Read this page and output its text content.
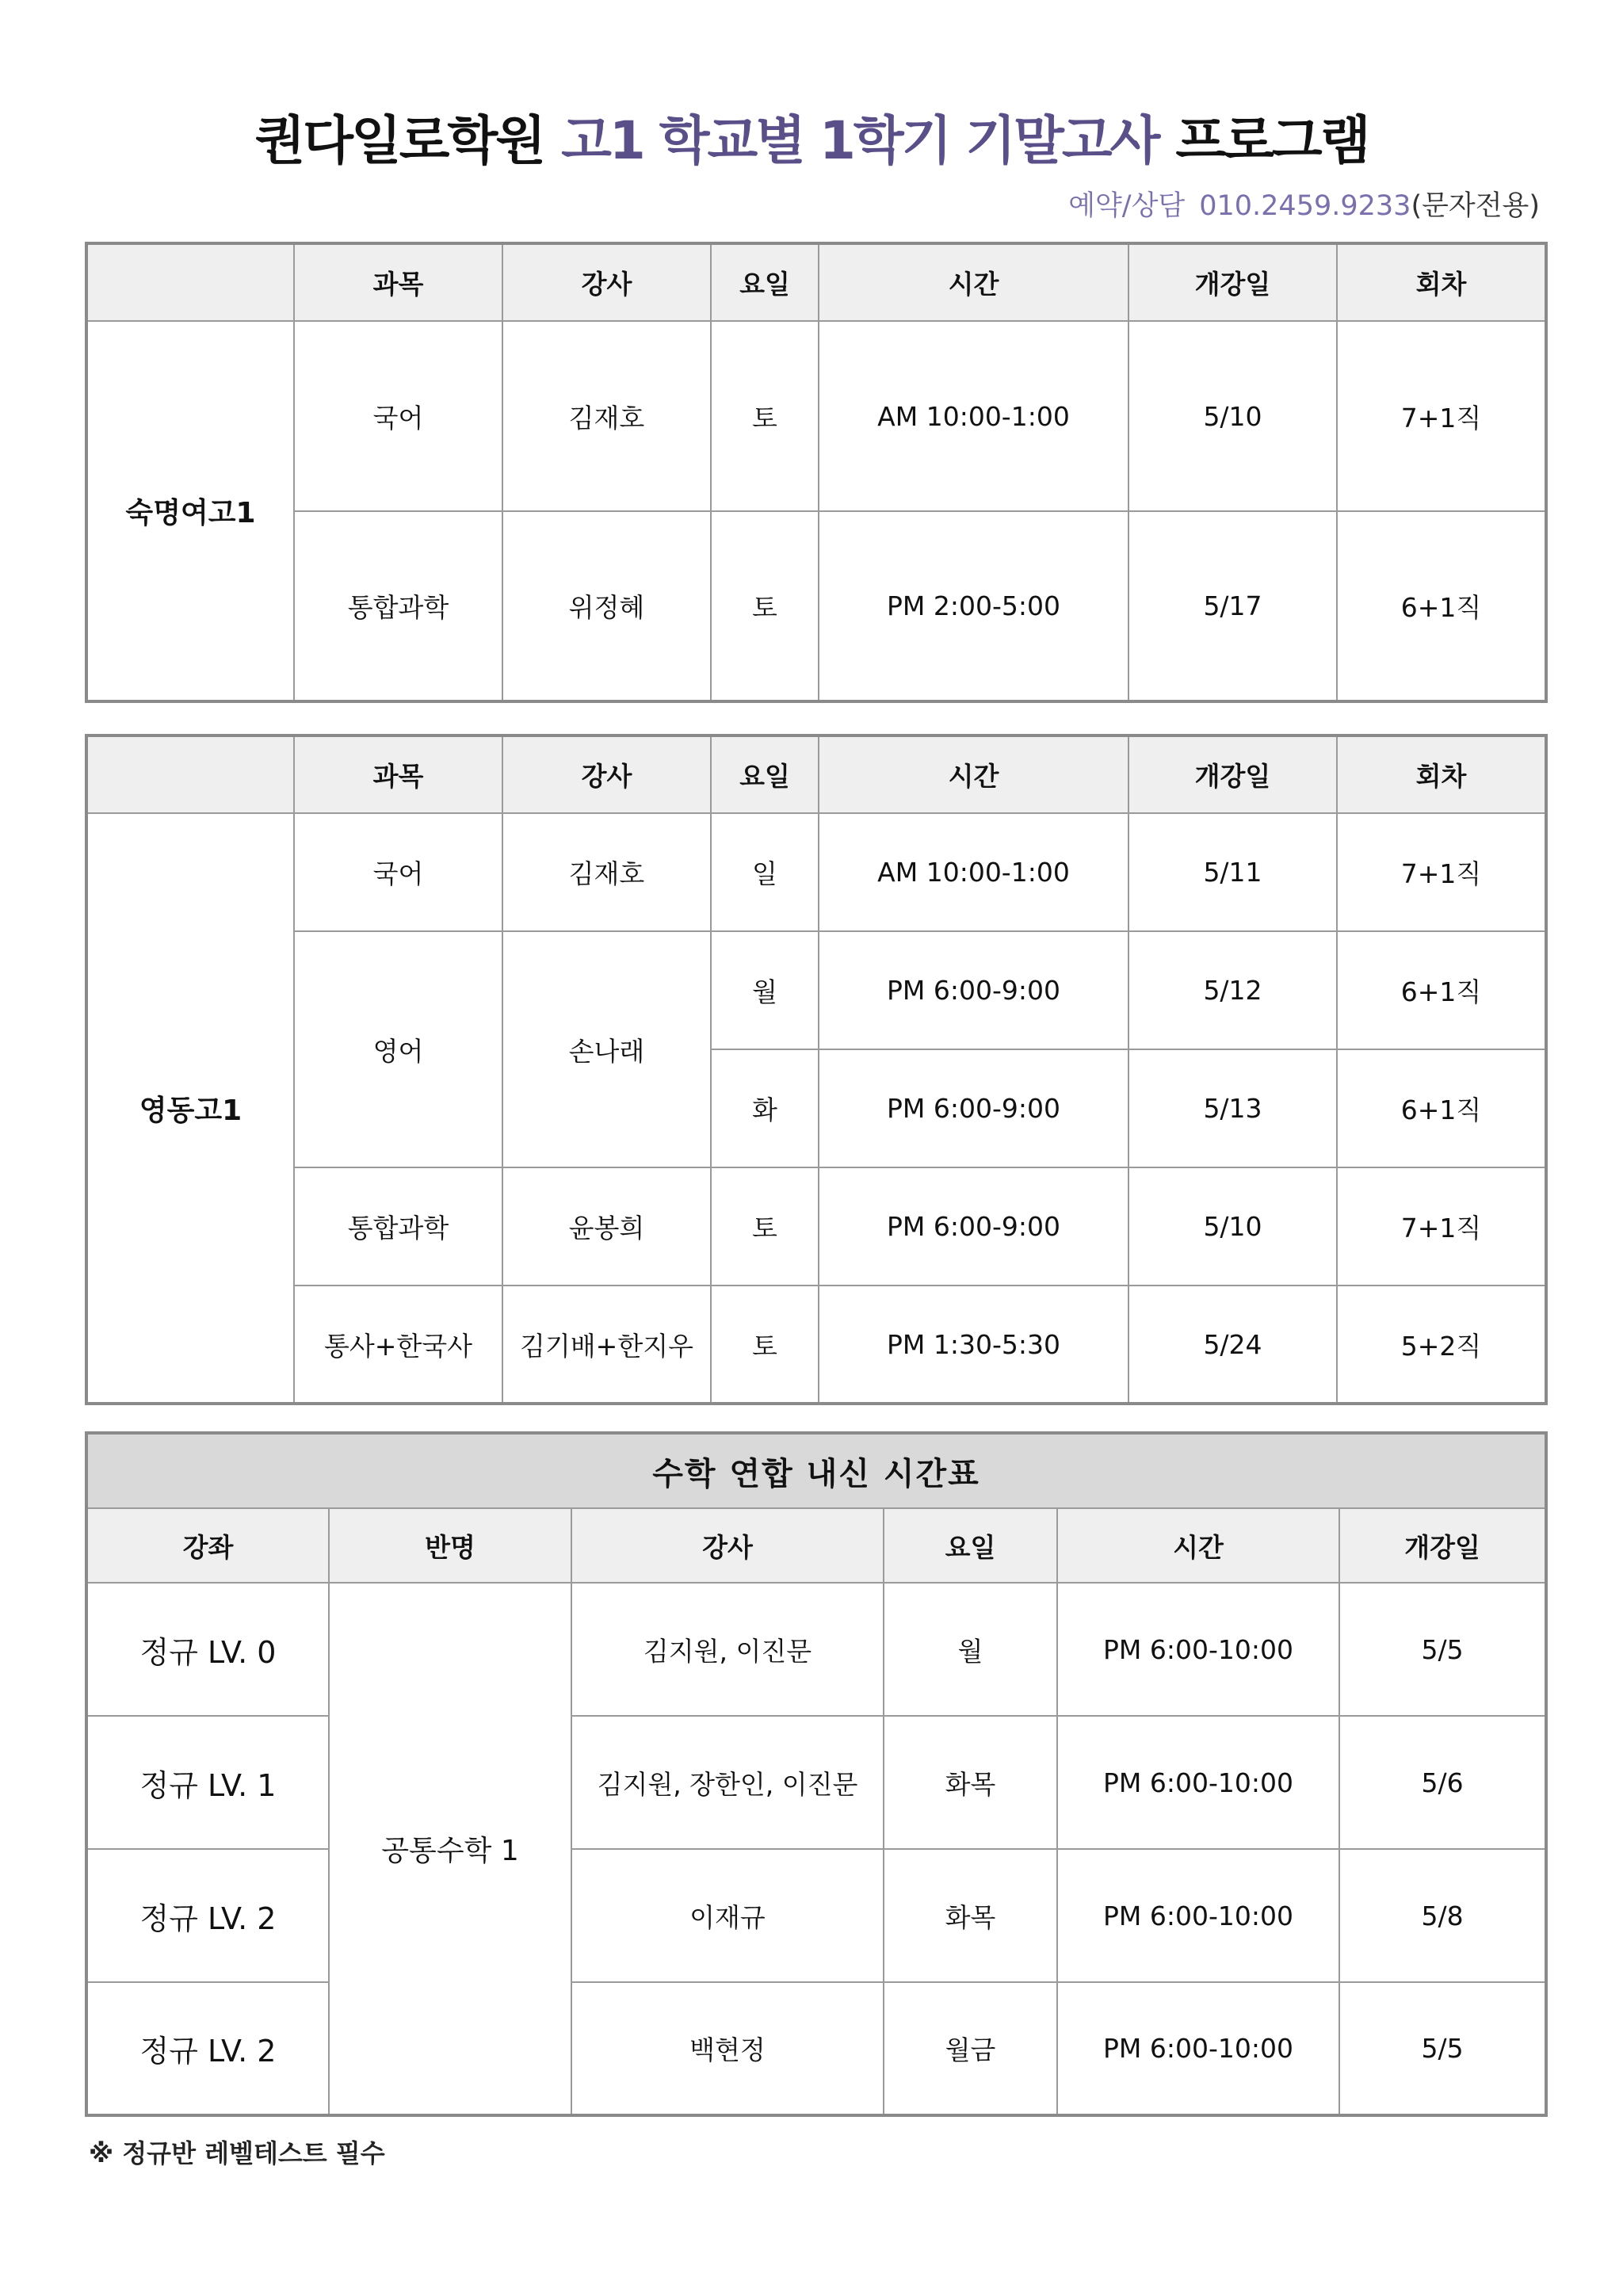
퀀다일로학원 고1 학교별 1학기 기말고사 프로그램
예약/상담 010.2459.9233(문자전용)
	과목	강사	요일	시간	개강일	회차
숙명여고1	국어	김재호	토	AM 10:00-1:00	5/10	7+1직
	통합과학	위정혜	토	PM 2:00-5:00	5/17	6+1직
	과목	강사	요일	시간	개강일	회차
영동고1	국어	김재호	일	AM 10:00-1:00	5/11	7+1직
	영어	손나래	월	PM 6:00-9:00	5/12	6+1직
			화	PM 6:00-9:00	5/13	6+1직
	통합과학	윤봉희	토	PM 6:00-9:00	5/10	7+1직
	통사+한국사	김기배+한지우	토	PM 1:30-5:30	5/24	5+2직
수학 연합 내신 시간표					
강좌	반명	강사	요일	시간	개강일
정규 LV. 0	공통수학 1	김지원, 이진문	월	PM 6:00-10:00	5/5
정규 LV. 1		김지원, 장한인, 이진문	화목	PM 6:00-10:00	5/6
정규 LV. 2		이재규	화목	PM 6:00-10:00	5/8
정규 LV. 2		백현정	월금	PM 6:00-10:00	5/5
※ 정규반 레벨테스트 필수
